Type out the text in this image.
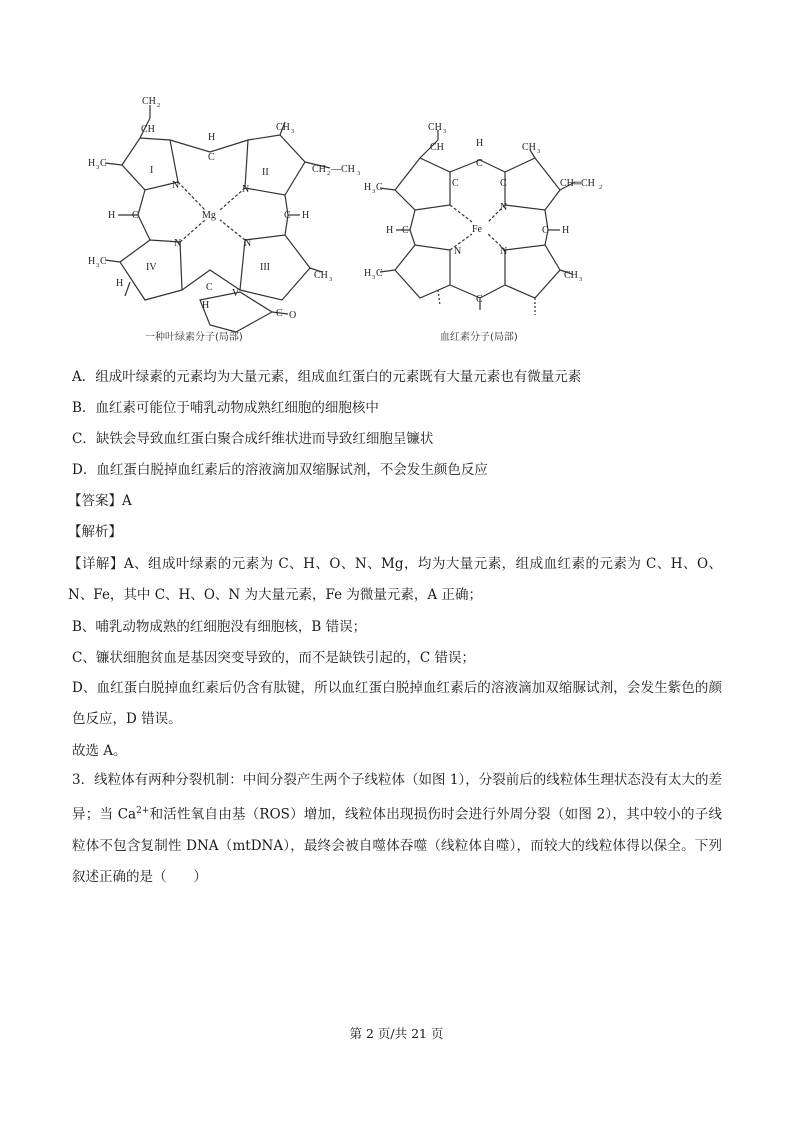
CH 2
CH
H 3 C
I
N
H
C
CH 3
II
N
CH 2 —CH 3
H C	Mg	C H
N	N
H 3 C
IV	III
CH 3
H	C
H
V
C O
一种叶绿素分子(局部)
CH 3
CH	H
C
CH 3
H 3 C	C	C	CH═CH 2
N
H C	Fe	C H
N	N
H 3 C	CH 3
C
血红素分子(局部)
A．组成叶绿素的元素均为大量元素，组成血红蛋白的元素既有大量元素也有微量元素
B．血红素可能位于哺乳动物成熟红细胞的细胞核中
C．缺铁会导致血红蛋白聚合成纤维状进而导致红细胞呈镰状
D．血红蛋白脱掉血红素后的溶液滴加双缩脲试剂，不会发生颜色反应
【答案】A
【解析】
【详解】A、组成叶绿素的元素为 C、H、O、N、Mg，均为大量元素，组成血红素的元素为 C、H、O、N、Fe，其中 C、H、O、N 为大量元素，Fe 为微量元素，A 正确；
B、哺乳动物成熟的红细胞没有细胞核，B 错误；
C、镰状细胞贫血是基因突变导致的，而不是缺铁引起的，C 错误；
D、血红蛋白脱掉血红素后仍含有肽键，所以血红蛋白脱掉血红素后的溶液滴加双缩脲试剂，会发生紫色的颜色反应，D 错误。
故选 A。
3．线粒体有两种分裂机制：中间分裂产生两个子线粒体（如图 1），分裂前后的线粒体生理状态没有太大的差异；当 $Ca^{2+}$和活性氧自由基（ROS）增加，线粒体出现损伤时会进行外周分裂（如图 2），其中较小的子线粒体不包含复制性 DNA（mtDNA），最终会被自噬体吞噬（线粒体自噬），而较大的线粒体得以保全。下列叙述正确的是（　　）
第 2 页/共 21 页
